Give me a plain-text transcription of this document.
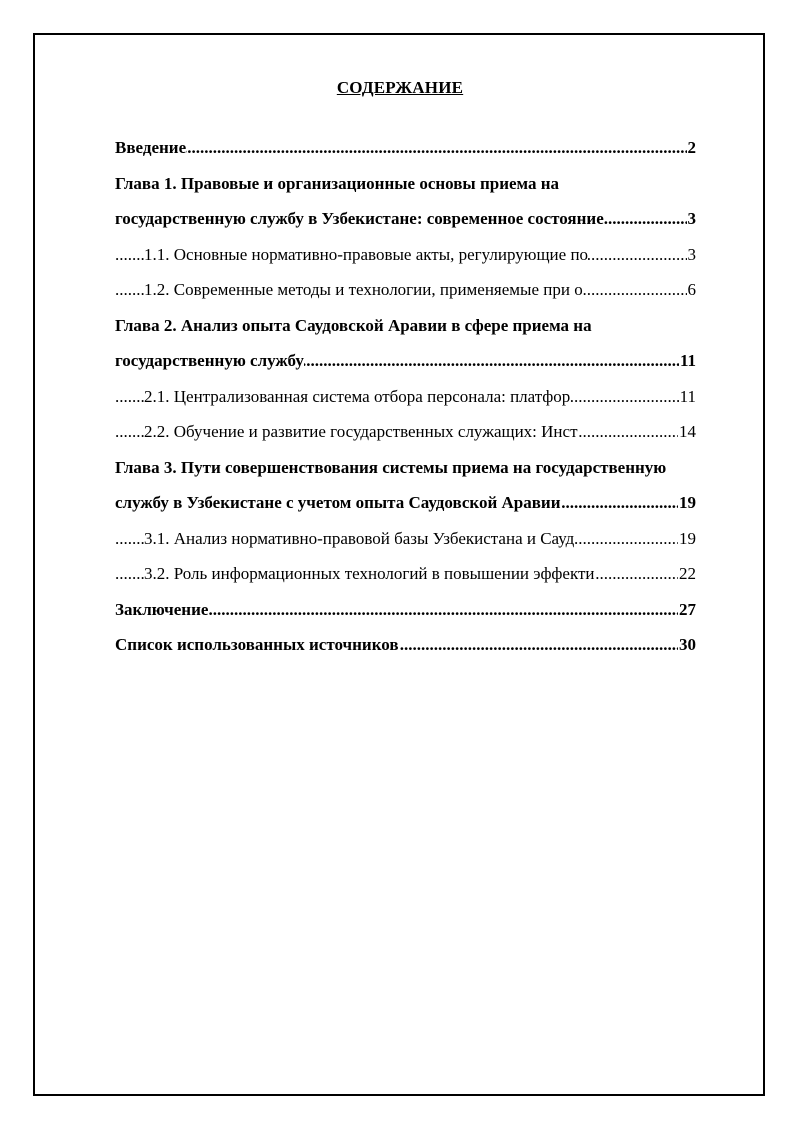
СОДЕРЖАНИЕ
.....
Введение	2
Глава 1. Правовые и организационные основы приема на
.....
государственную службу в Узбекистане: современное состояние	3
.....
1.1. Основные нормативно-правовые акты, регулирующие по	3
.....
1.2. Современные методы и технологии, применяемые при о	6
Глава 2. Анализ опыта Саудовской Аравии в сфере приема на
.....
государственную службу	11
.....
2.1. Централизованная система отбора персонала: платфор	11
.....
2.2. Обучение и развитие государственных служащих: Инст	14
Глава 3. Пути совершенствования системы приема на государственную
.....
службу в Узбекистане с учетом опыта Саудовской Аравии	19
.....
3.1. Анализ нормативно-правовой базы Узбекистана и Сауд	19
.....
3.2. Роль информационных технологий в повышении эффекти	22
.....
Заключение	27
.....
Список использованных источников	30
